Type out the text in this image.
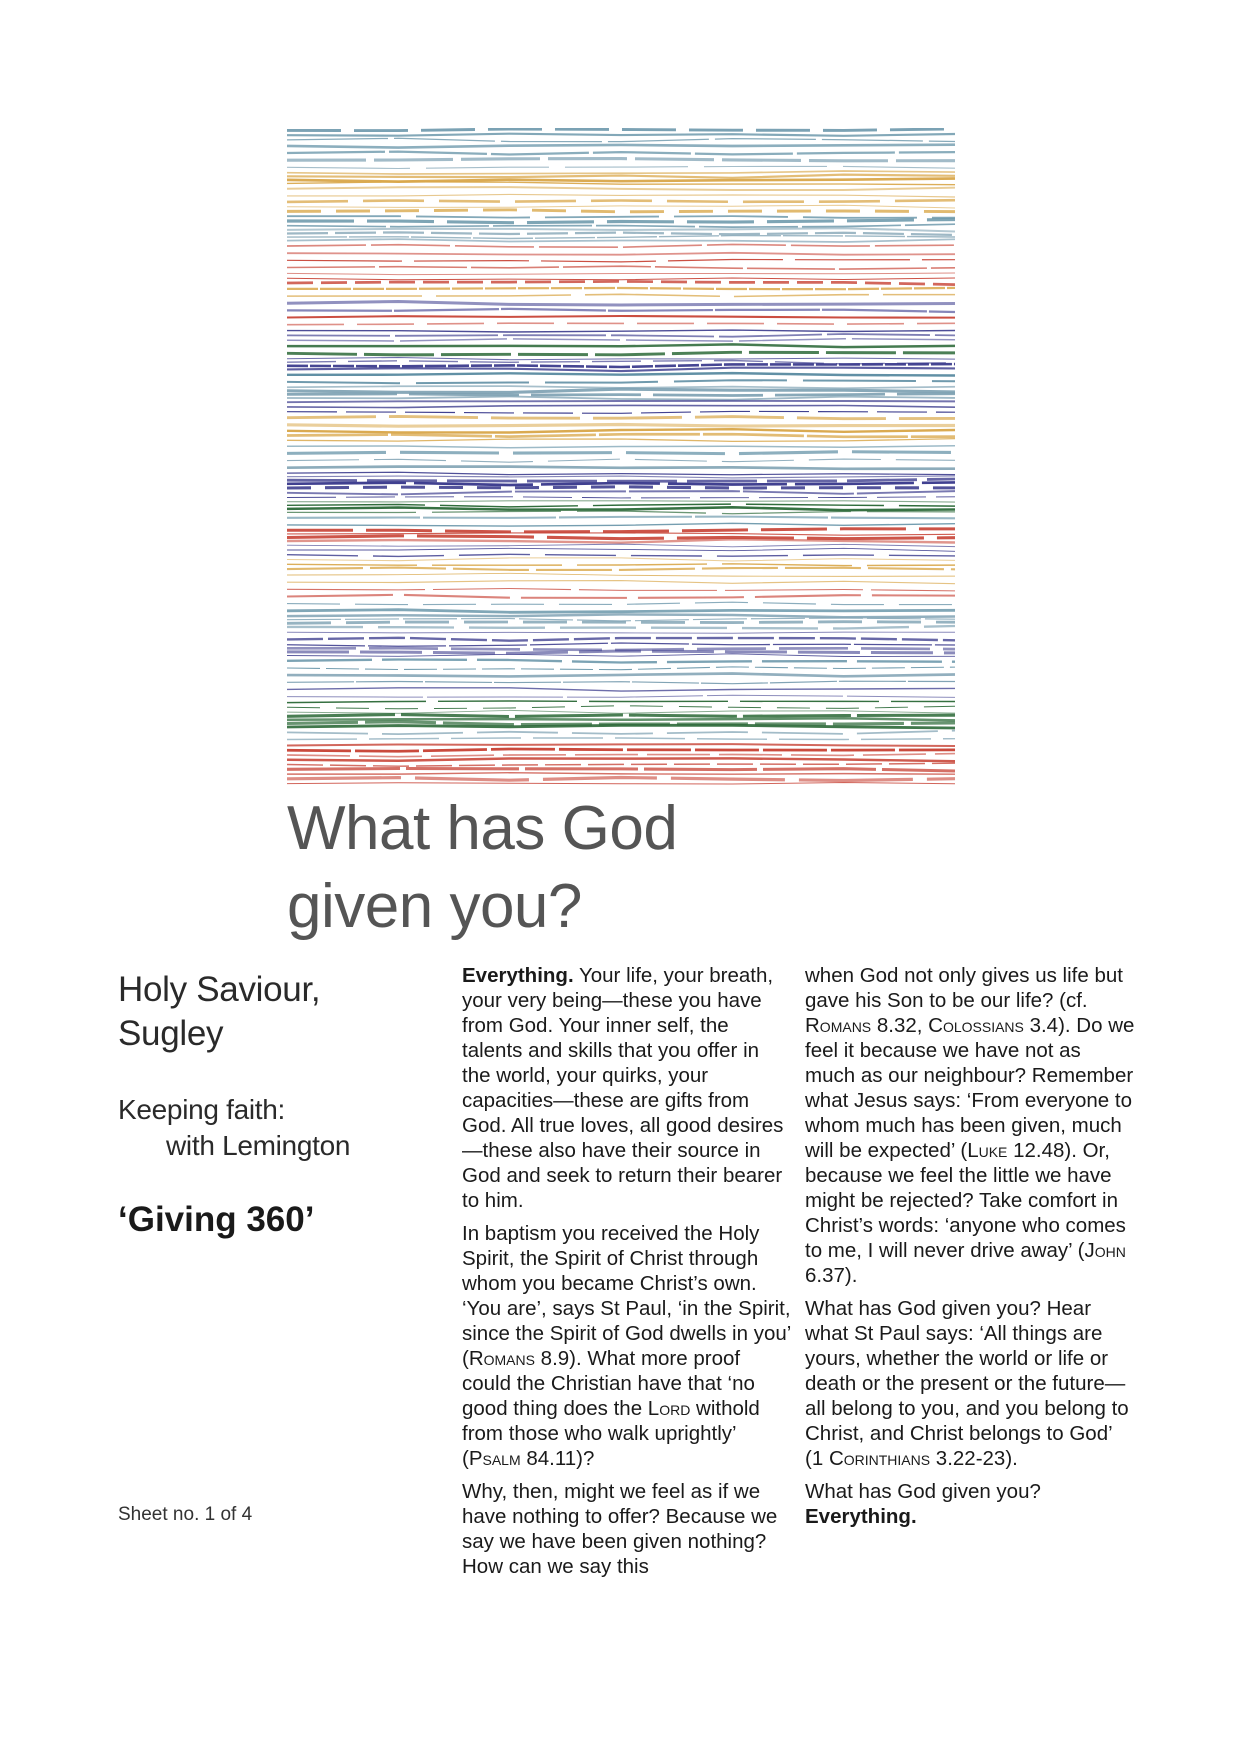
What has God
given you?

Holy Saviour,
Sugley

Keeping faith:
with Lemington
‘Giving 360’
Sheet no. 1 of 4

Everything. Your life, your breath, your very being—these you have from God. Your inner self, the talents and skills that you offer in the world, your quirks, your capacities—these are gifts from God. All true loves, all good desires—these also have their source in God and seek to return their bearer to him.

In baptism you received the Holy Spirit, the Spirit of Christ through whom you became Christ’s own. ‘You are’, says St Paul, ‘in the Spirit, since the Spirit of God dwells in you’ (Romans 8.9). What more proof could the Christian have that ‘no good thing does the Lord withold from those who walk uprightly’ (Psalm 84.11)?

Why, then, might we feel as if we have nothing to offer? Because we say we have been given nothing? How can we say this

when God not only gives us life but gave his Son to be our life? (cf. Romans 8.32, Colossians 3.4). Do we feel it because we have not as much as our neighbour? Remember what Jesus says: ‘From everyone to whom much has been given, much will be expected’ (Luke 12.48). Or, because we feel the little we have might be rejected? Take comfort in Christ’s words: ‘anyone who comes to me, I will never drive away’ (John 6.37).

What has God given you? Hear what St Paul says: ‘All things are yours, whether the world or life or death or the present or the future—all belong to you, and you belong to Christ, and Christ belongs to God’
(1 Corinthians 3.22-23).

What has God given you?
Everything.
